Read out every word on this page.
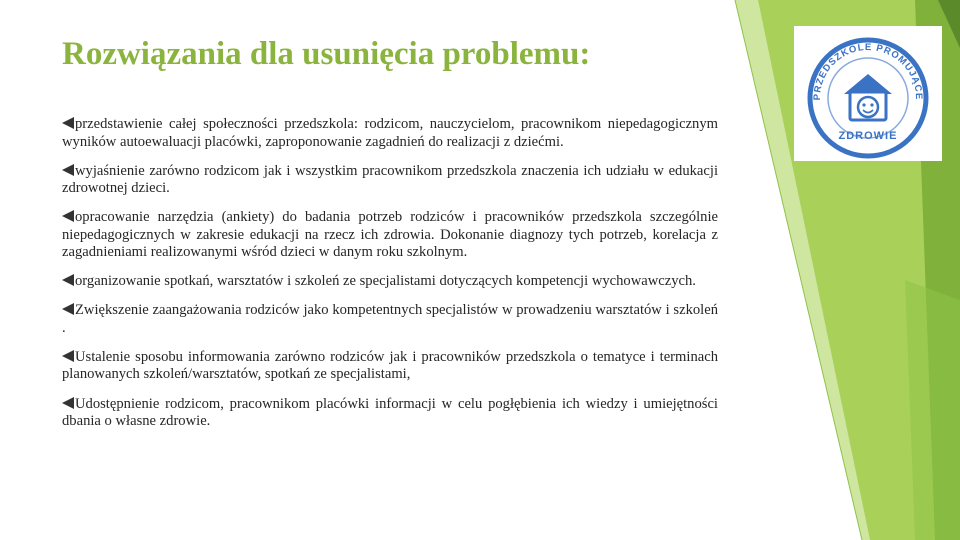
Rozwiązania dla usunięcia problemu:
przedstawienie całej społeczności przedszkola: rodzicom, nauczycielom, pracownikom niepedagogicznym wyników autoewaluacji placówki, zaproponowanie zagadnień do realizacji z dziećmi.
wyjaśnienie zarówno rodzicom jak i wszystkim pracownikom przedszkola znaczenia ich udziału w edukacji zdrowotnej dzieci.
opracowanie narzędzia (ankiety) do badania potrzeb rodziców i pracowników przedszkola szczególnie niepedagogicznych w zakresie edukacji na rzecz ich zdrowia. Dokonanie diagnozy tych potrzeb, korelacja z zagadnieniami realizowanymi wśród dzieci w danym roku szkolnym.
organizowanie spotkań, warsztatów i szkoleń ze specjalistami dotyczących kompetencji wychowawczych.
Zwiększenie zaangażowania rodziców jako kompetentnych specjalistów w prowadzeniu warsztatów i szkoleń .
Ustalenie sposobu informowania zarówno rodziców jak i pracowników przedszkola o tematyce i terminach planowanych szkoleń/warsztatów, spotkań ze specjalistami,
Udostępnienie rodzicom, pracownikom placówki informacji w celu pogłębienia ich wiedzy i umiejętności dbania o własne zdrowie.
PRZEDSZKOLE PROMUJĄCE
ZDROWIE
